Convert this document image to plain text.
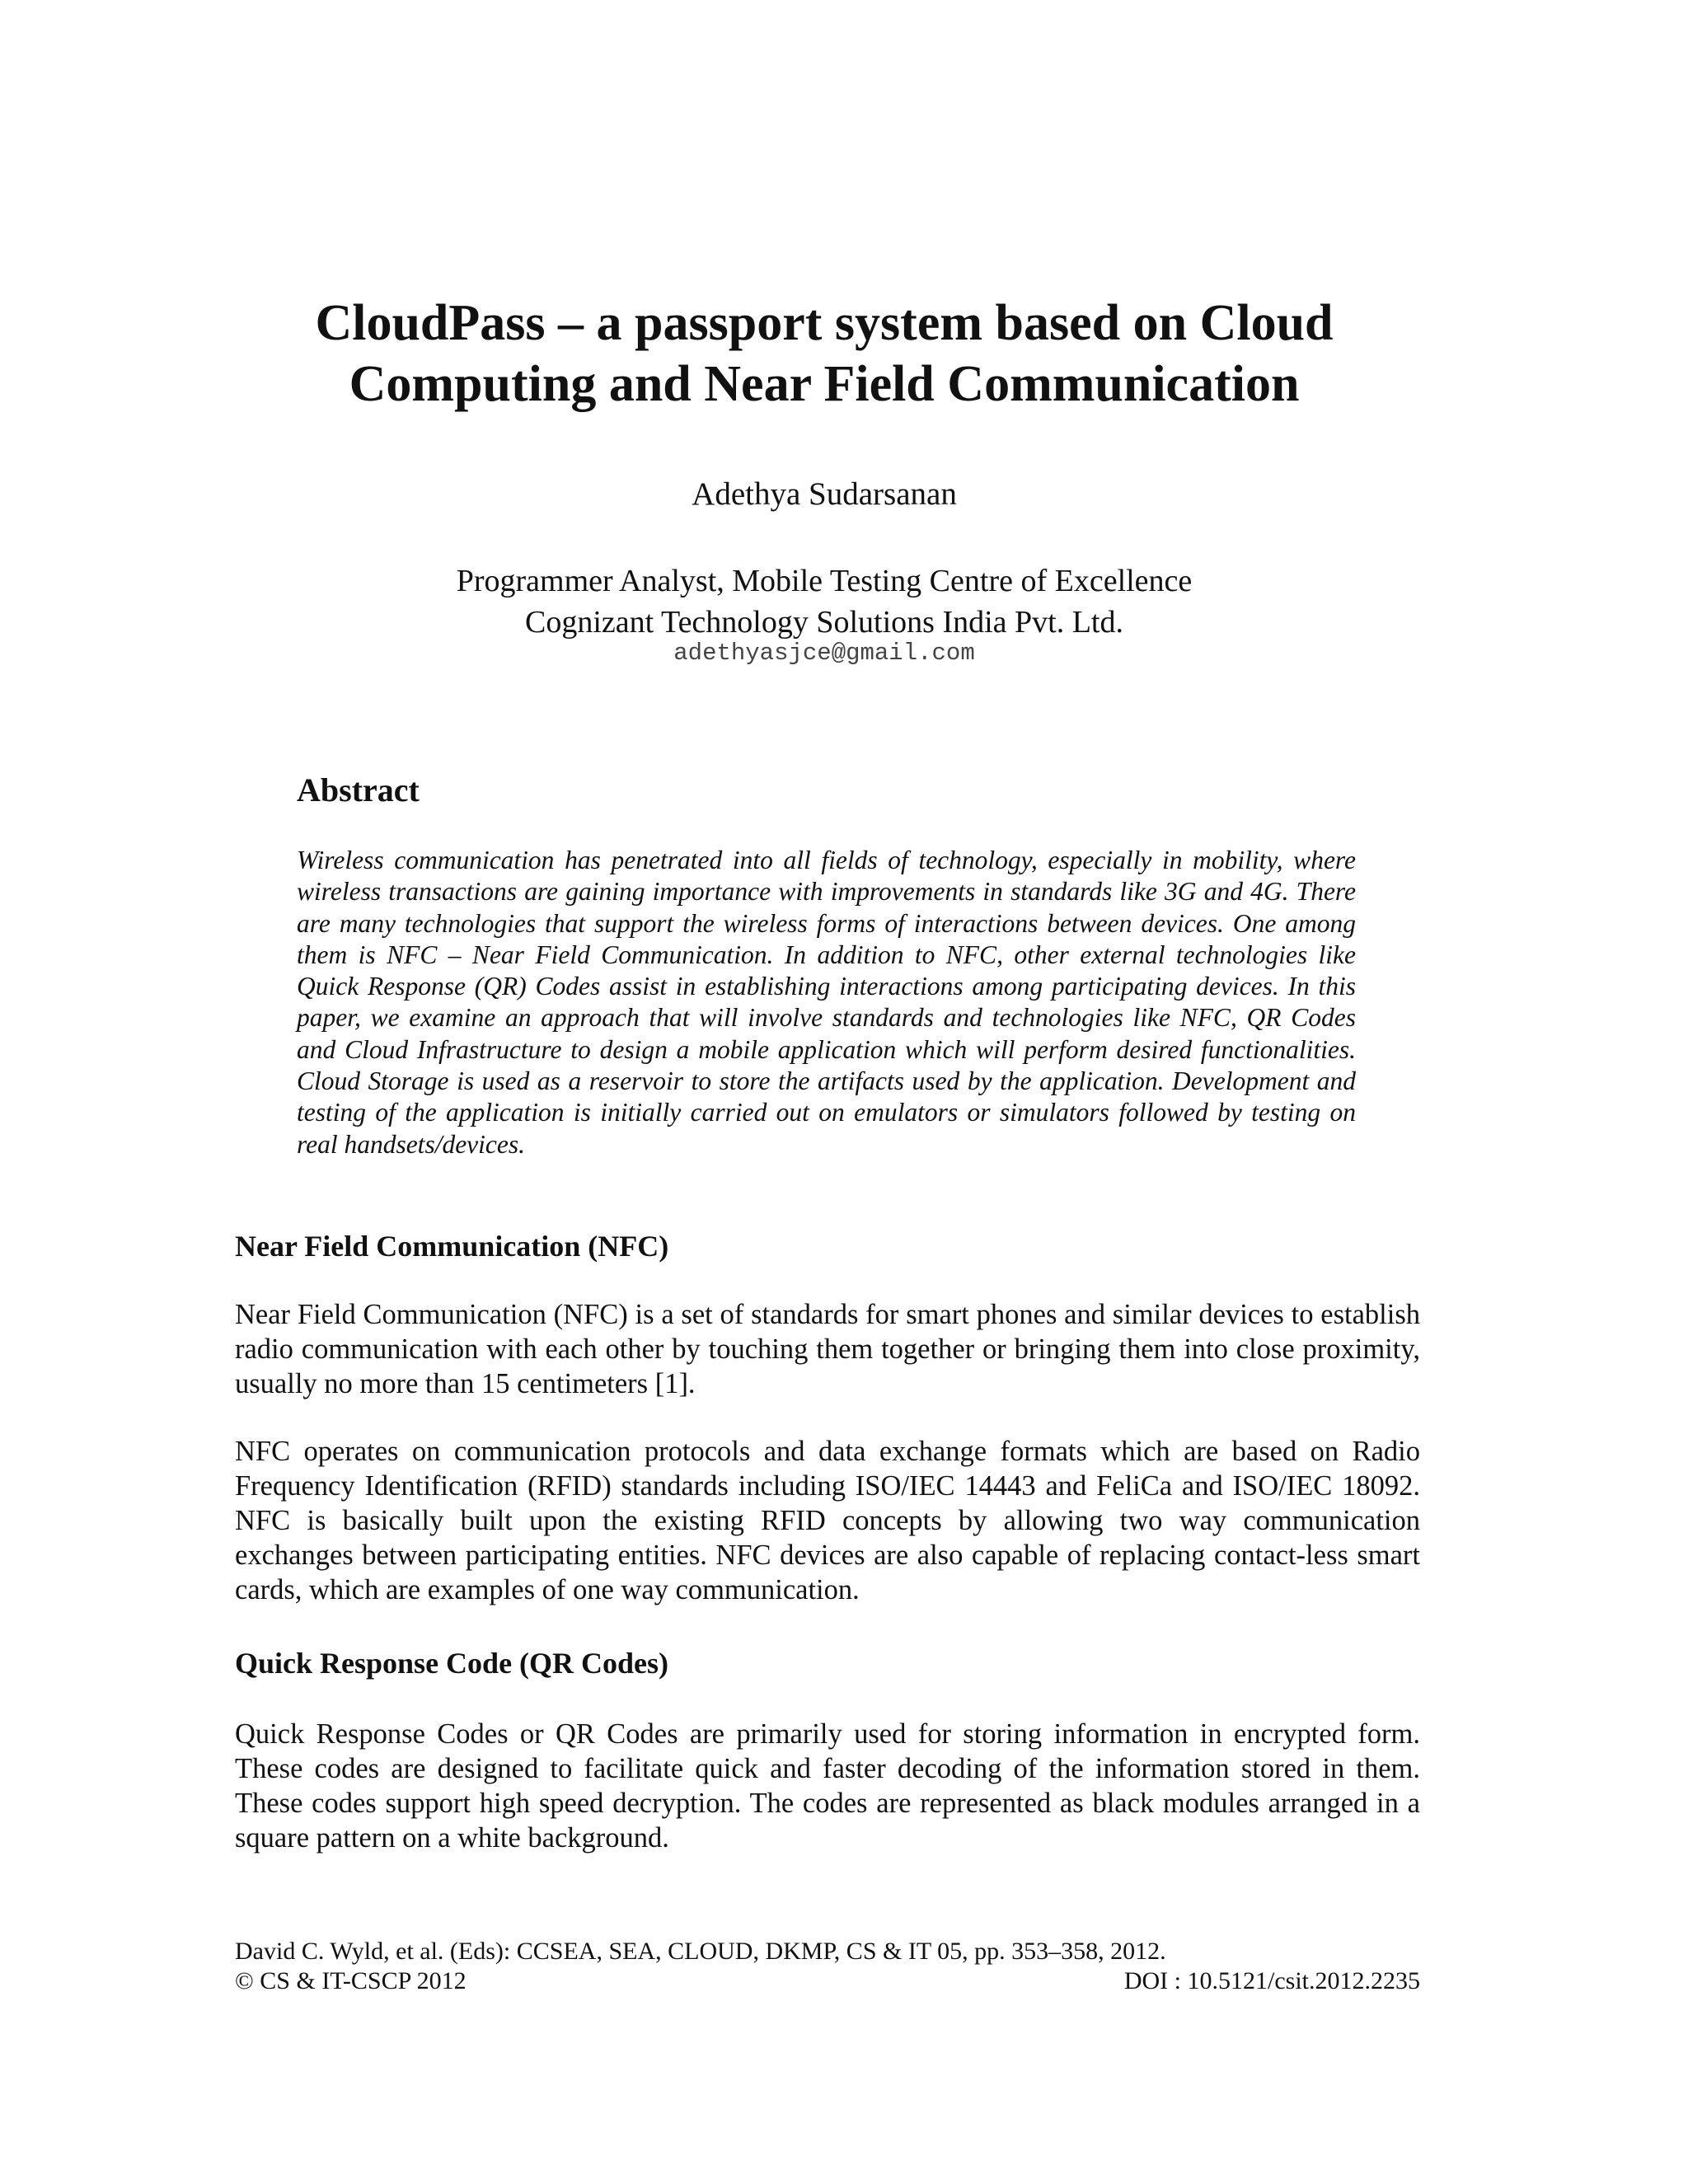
CloudPass – a passport system based on Cloud
Computing and Near Field Communication

Adethya Sudarsanan

Programmer Analyst, Mobile Testing Centre of Excellence
Cognizant Technology Solutions India Pvt. Ltd.

adethyasjce@gmail.com

Abstract

Wireless communication has penetrated into all fields of technology, especially in mobility, where wireless transactions are gaining importance with improvements in standards like 3G and 4G. There are many technologies that support the wireless forms of interactions between devices. One among them is NFC – Near Field Communication. In addition to NFC, other external technologies like Quick Response (QR) Codes assist in establishing interactions among participating devices. In this paper, we examine an approach that will involve standards and technologies like NFC, QR Codes and Cloud Infrastructure to design a mobile application which will perform desired functionalities. Cloud Storage is used as a reservoir to store the artifacts used by the application. Development and testing of the application is initially carried out on emulators or simulators followed by testing on real handsets/devices.

Near Field Communication (NFC)

Near Field Communication (NFC) is a set of standards for smart phones and similar devices to establish radio communication with each other by touching them together or bringing them into close proximity, usually no more than 15 centimeters [1].

NFC operates on communication protocols and data exchange formats which are based on Radio Frequency Identification (RFID) standards including ISO/IEC 14443 and FeliCa and ISO/IEC 18092. NFC is basically built upon the existing RFID concepts by allowing two way communication exchanges between participating entities. NFC devices are also capable of replacing contact-less smart cards, which are examples of one way communication.

Quick Response Code (QR Codes)

Quick Response Codes or QR Codes are primarily used for storing information in encrypted form. These codes are designed to facilitate quick and faster decoding of the information stored in them. These codes support high speed decryption. The codes are represented as black modules arranged in a square pattern on a white background.

David C. Wyld, et al. (Eds): CCSEA, SEA, CLOUD, DKMP, CS & IT 05, pp. 353–358, 2012.
© CS & IT-CSCP 2012	DOI : 10.5121/csit.2012.2235
